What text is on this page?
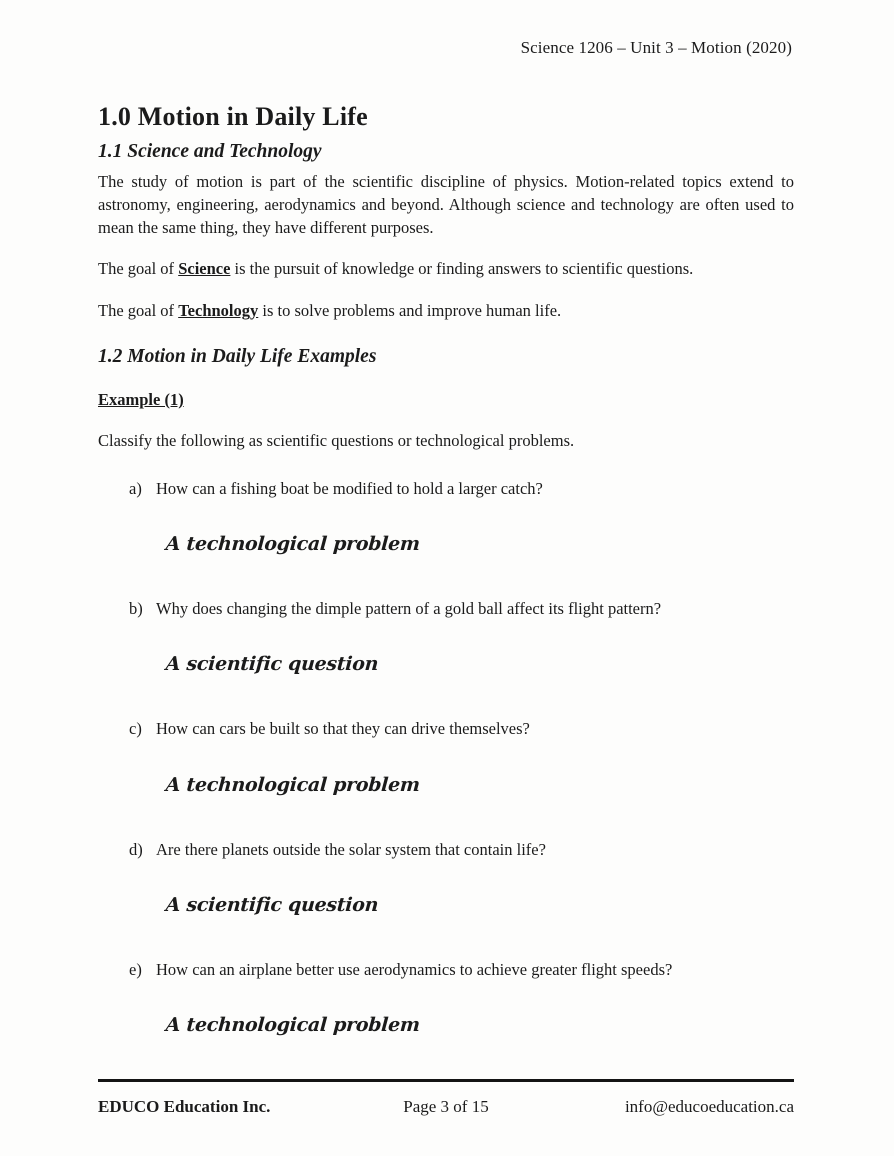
Science 1206 – Unit 3 – Motion (2020)
1.0 Motion in Daily Life
1.1 Science and Technology

The study of motion is part of the scientific discipline of physics. Motion-related topics extend to astronomy, engineering, aerodynamics and beyond. Although science and technology are often used to mean the same thing, they have different purposes.

The goal of Science is the pursuit of knowledge or finding answers to scientific questions.

The goal of Technology is to solve problems and improve human life.

1.2 Motion in Daily Life Examples
Example (1)

Classify the following as scientific questions or technological problems.

a) How can a fishing boat be modified to hold a larger catch?
A technological problem
b) Why does changing the dimple pattern of a gold ball affect its flight pattern?
A scientific question
c) How can cars be built so that they can drive themselves?
A technological problem
d) Are there planets outside the solar system that contain life?
A scientific question
e) How can an airplane better use aerodynamics to achieve greater flight speeds?
A technological problem
EDUCO Education Inc.	Page 3 of 15	info@educoeducation.ca
